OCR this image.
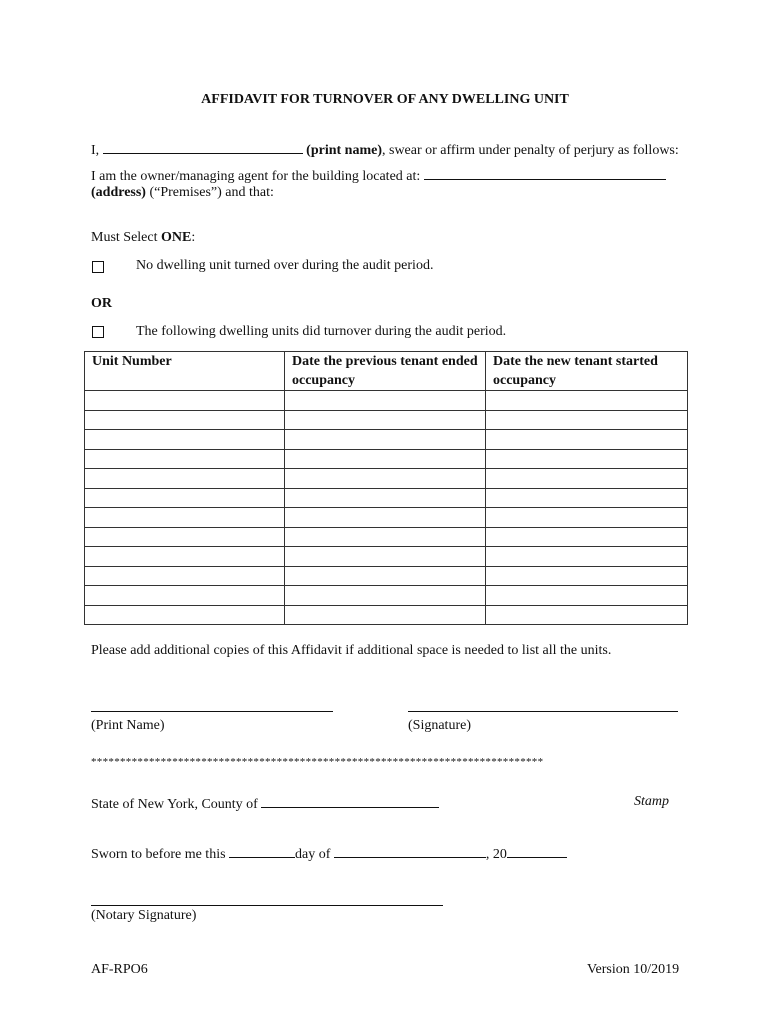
AFFIDAVIT FOR TURNOVER OF ANY DWELLING UNIT
I,	(print name), swear or affirm under penalty of perjury as follows:
I am the owner/managing agent for the building located at:
(address) (“Premises”) and that:
Must Select ONE:
No dwelling unit turned over during the audit period.
OR
The following dwelling units did turnover during the audit period.
Unit Number	Date the previous tenant ended occupancy	Date the new tenant started occupancy

Please add additional copies of this Affidavit if additional space is needed to list all the units.
(Print Name)	(Signature)
******************************************************************************
State of New York, County of	Stamp
Sworn to before me this	day of	, 20
(Notary Signature)
AF-RPO6	Version 10/2019
